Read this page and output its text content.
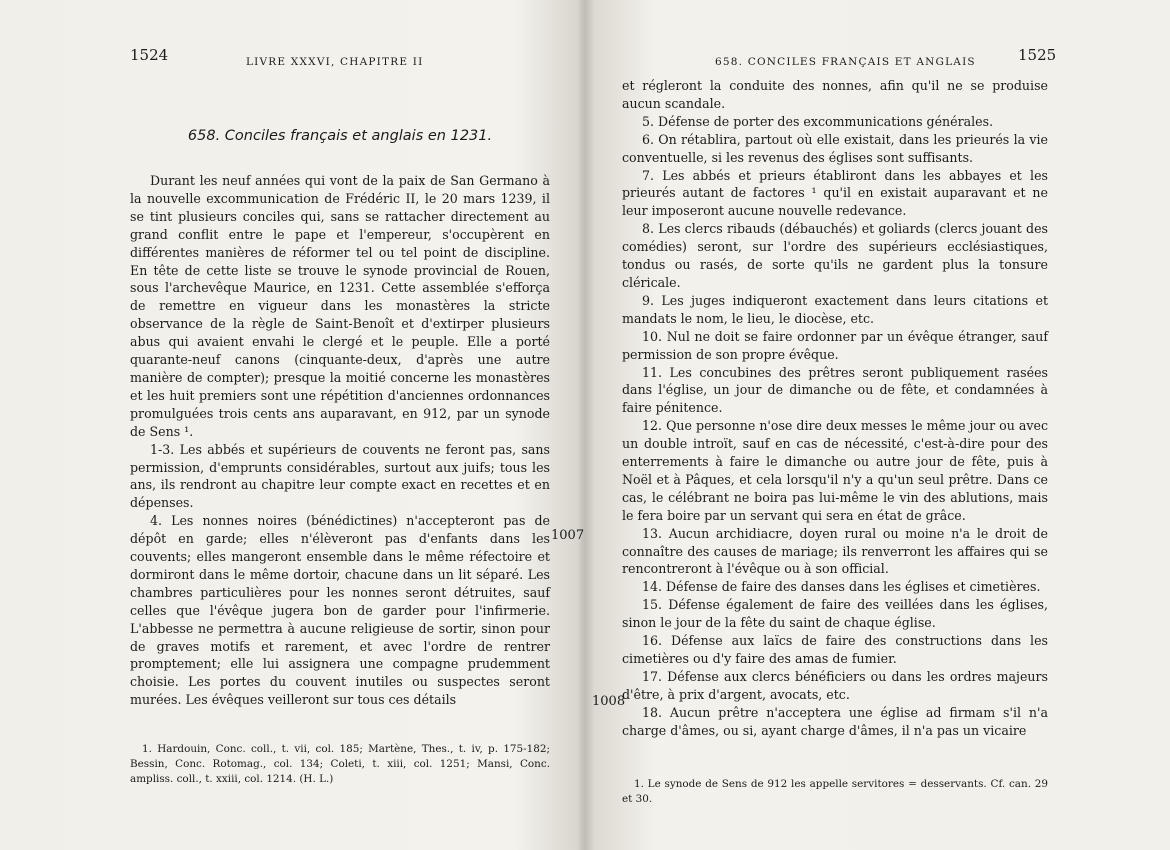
1524	LIVRE XXXVI, CHAPITRE II
658. Conciles français et anglais en 1231.

Durant les neuf années qui vont de la paix de San Germano à la nouvelle excommunication de Frédéric II, le 20 mars 1239, il se tint plusieurs conciles qui, sans se rattacher directement au grand conflit entre le pape et l'empereur, s'occupèrent en différentes manières de réformer tel ou tel point de discipline. En tête de cette liste se trouve le synode provincial de Rouen, sous l'archevêque Maurice, en 1231. Cette assemblée s'efforça de remettre en vigueur dans les monastères la stricte observance de la règle de Saint-Benoît et d'extirper plusieurs abus qui avaient envahi le clergé et le peuple. Elle a porté quarante-neuf canons (cinquante-deux, d'après une autre manière de compter); presque la moitié concerne les monastères et les huit premiers sont une répétition d'anciennes ordonnances promulguées trois cents ans auparavant, en 912, par un synode de Sens ¹.

1-3. Les abbés et supérieurs de couvents ne feront pas, sans permission, d'emprunts considérables, surtout aux juifs; tous les ans, ils rendront au chapitre leur compte exact en recettes et en dépenses.

4. Les nonnes noires (bénédictines) n'accepteront pas de dépôt en garde; elles n'élèveront pas d'enfants dans les couvents; elles mangeront ensemble dans le même réfectoire et dormiront dans le même dortoir, chacune dans un lit séparé. Les chambres particulières pour les nonnes seront détruites, sauf celles que l'évêque jugera bon de garder pour l'infirmerie. L'abbesse ne permettra à aucune religieuse de sortir, sinon pour de graves motifs et rarement, et avec l'ordre de rentrer promptement; elle lui assignera une compagne prudemment choisie. Les portes du couvent inutiles ou suspectes seront murées. Les évêques veilleront sur tous ces détails

1007

1. Hardouin, Conc. coll., t. vii, col. 185; Martène, Thes., t. iv, p. 175-182; Bessin, Conc. Rotomag., col. 134; Coleti, t. xiii, col. 1251; Mansi, Conc. ampliss. coll., t. xxiii, col. 1214. (H. L.)

658. CONCILES FRANÇAIS ET ANGLAIS	1525

et régleront la conduite des nonnes, afin qu'il ne se produise aucun scandale.

5. Défense de porter des excommunications générales.

6. On rétablira, partout où elle existait, dans les prieurés la vie conventuelle, si les revenus des églises sont suffisants.

7. Les abbés et prieurs établiront dans les abbayes et les prieurés autant de factores ¹ qu'il en existait auparavant et ne leur imposeront aucune nouvelle redevance.

8. Les clercs ribauds (débauchés) et goliards (clercs jouant des comédies) seront, sur l'ordre des supérieurs ecclésiastiques, tondus ou rasés, de sorte qu'ils ne gardent plus la tonsure cléricale.

9. Les juges indiqueront exactement dans leurs citations et mandats le nom, le lieu, le diocèse, etc.

10. Nul ne doit se faire ordonner par un évêque étranger, sauf permission de son propre évêque.

11. Les concubines des prêtres seront publiquement rasées dans l'église, un jour de dimanche ou de fête, et condamnées à faire pénitence.

12. Que personne n'ose dire deux messes le même jour ou avec un double introït, sauf en cas de nécessité, c'est-à-dire pour des enterrements à faire le dimanche ou autre jour de fête, puis à Noël et à Pâques, et cela lorsqu'il n'y a qu'un seul prêtre. Dans ce cas, le célébrant ne boira pas lui-même le vin des ablutions, mais le fera boire par un servant qui sera en état de grâce.

13. Aucun archidiacre, doyen rural ou moine n'a le droit de connaître des causes de mariage; ils renverront les affaires qui se rencontreront à l'évêque ou à son official.

14. Défense de faire des danses dans les églises et cimetières.

15. Défense également de faire des veillées dans les églises, sinon le jour de la fête du saint de chaque église.

16. Défense aux laïcs de faire des constructions dans les cimetières ou d'y faire des amas de fumier.

17. Défense aux clercs bénéficiers ou dans les ordres majeurs d'être, à prix d'argent, avocats, etc.

18. Aucun prêtre n'acceptera une église ad firmam s'il n'a charge d'âmes, ou si, ayant charge d'âmes, il n'a pas un vicaire

1008

1. Le synode de Sens de 912 les appelle servitores = desservants. Cf. can. 29 et 30.
